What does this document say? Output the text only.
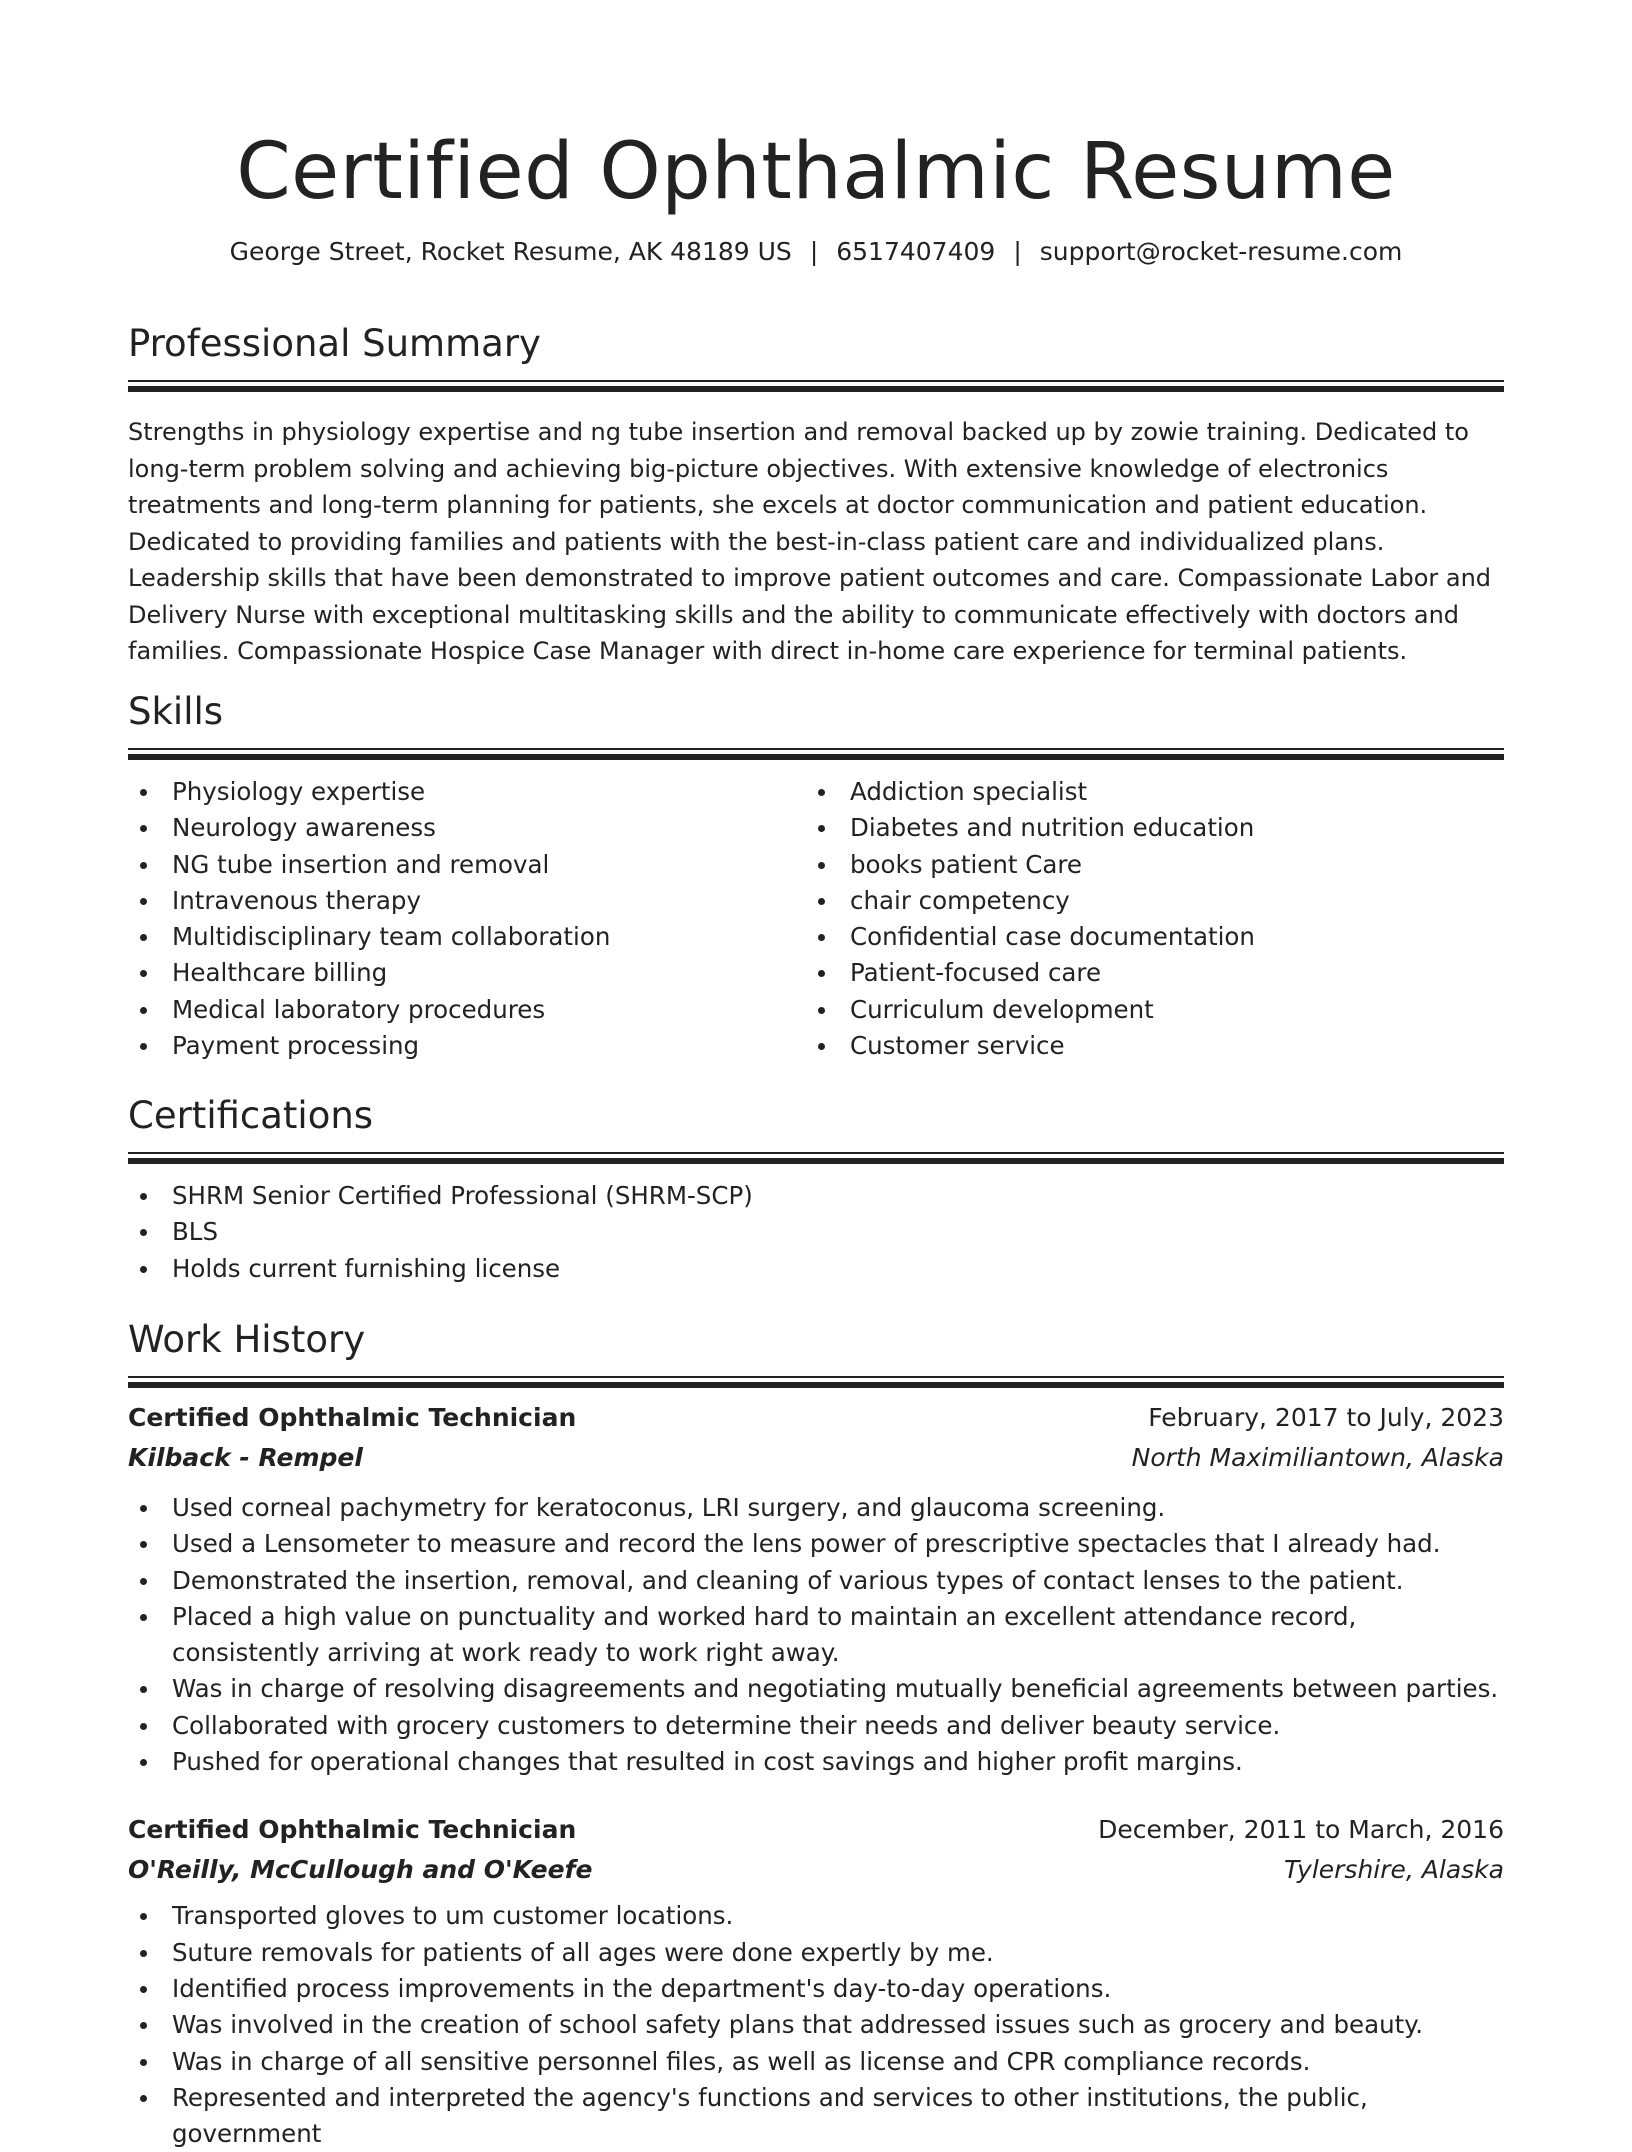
Certified Ophthalmic Resume
George Street, Rocket Resume, AK 48189 US | 6517407409 | support@rocket-resume.com
Professional Summary
Strengths in physiology expertise and ng tube insertion and removal backed up by zowie training. Dedicated to long-term problem solving and achieving big-picture objectives. With extensive knowledge of electronics treatments and long-term planning for patients, she excels at doctor communication and patient education. Dedicated to providing families and patients with the best-in-class patient care and individualized plans. Leadership skills that have been demonstrated to improve patient outcomes and care. Compassionate Labor and Delivery Nurse with exceptional multitasking skills and the ability to communicate effectively with doctors and families. Compassionate Hospice Case Manager with direct in-home care experience for terminal patients.
Skills
Physiology expertise
Neurology awareness
NG tube insertion and removal
Intravenous therapy
Multidisciplinary team collaboration
Healthcare billing
Medical laboratory procedures
Payment processing
Addiction specialist
Diabetes and nutrition education
books patient Care
chair competency
Confidential case documentation
Patient-focused care
Curriculum development
Customer service
Certifications
SHRM Senior Certified Professional (SHRM-SCP)
BLS
Holds current furnishing license
Work History
Certified Ophthalmic Technician	February, 2017 to July, 2023
Kilback - Rempel	North Maximiliantown, Alaska
Used corneal pachymetry for keratoconus, LRI surgery, and glaucoma screening.
Used a Lensometer to measure and record the lens power of prescriptive spectacles that I already had.
Demonstrated the insertion, removal, and cleaning of various types of contact lenses to the patient.
Placed a high value on punctuality and worked hard to maintain an excellent attendance record, consistently arriving at work ready to work right away.
Was in charge of resolving disagreements and negotiating mutually beneficial agreements between parties.
Collaborated with grocery customers to determine their needs and deliver beauty service.
Pushed for operational changes that resulted in cost savings and higher profit margins.
Certified Ophthalmic Technician	December, 2011 to March, 2016
O'Reilly, McCullough and O'Keefe	Tylershire, Alaska
Transported gloves to um customer locations.
Suture removals for patients of all ages were done expertly by me.
Identified process improvements in the department's day-to-day operations.
Was involved in the creation of school safety plans that addressed issues such as grocery and beauty.
Was in charge of all sensitive personnel files, as well as license and CPR compliance records.
Represented and interpreted the agency's functions and services to other institutions, the public, government
